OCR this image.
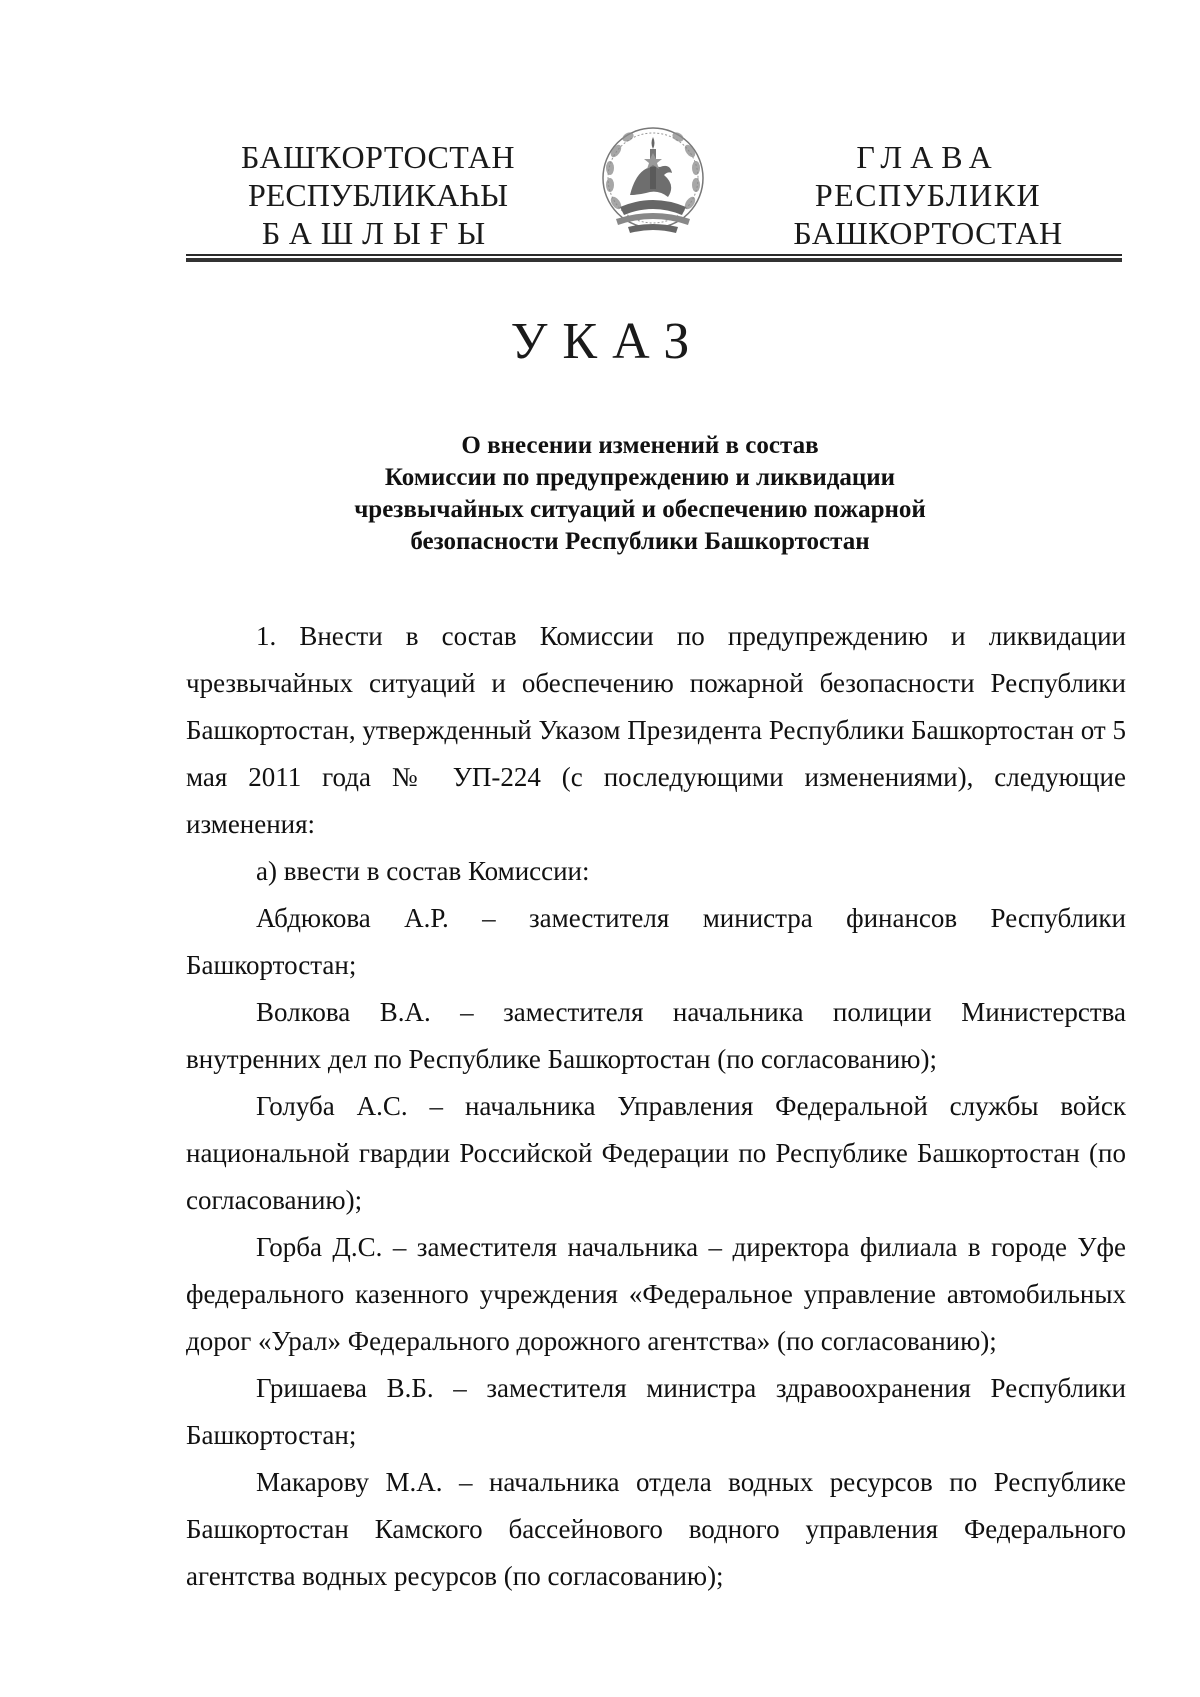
БАШҠОРТОСТАН
РЕСПУБЛИКАҺЫ
БАШЛЫҒЫ
ГЛАВА
РЕСПУБЛИКИ
БАШКОРТОСТАН
УКАЗ
О внесении изменений в состав
Комиссии по предупреждению и ликвидации
чрезвычайных ситуаций и обеспечению пожарной
безопасности Республики Башкортостан

1. Внести в состав Комиссии по предупреждению и ликвидации чрезвычайных ситуаций и обеспечению пожарной безопасности Республики Башкортостан, утвержденный Указом Президента Республики Башкортостан от 5 мая 2011 года № УП-224 (с последующими изменениями), следующие изменения:

а) ввести в состав Комиссии:

Абдюкова А.Р. – заместителя министра финансов Республики Башкортостан;

Волкова В.А. – заместителя начальника полиции Министерства внутренних дел по Республике Башкортостан (по согласованию);

Голуба А.С. – начальника Управления Федеральной службы войск национальной гвардии Российской Федерации по Республике Башкортостан (по согласованию);

Горба Д.С. – заместителя начальника – директора филиала в городе Уфе федерального казенного учреждения «Федеральное управление автомобильных дорог «Урал» Федерального дорожного агентства» (по согласованию);

Гришаева В.Б. – заместителя министра здравоохранения Республики Башкортостан;

Макарову М.А. – начальника отдела водных ресурсов по Республике Башкортостан Камского бассейнового водного управления Федерального агентства водных ресурсов (по согласованию);
